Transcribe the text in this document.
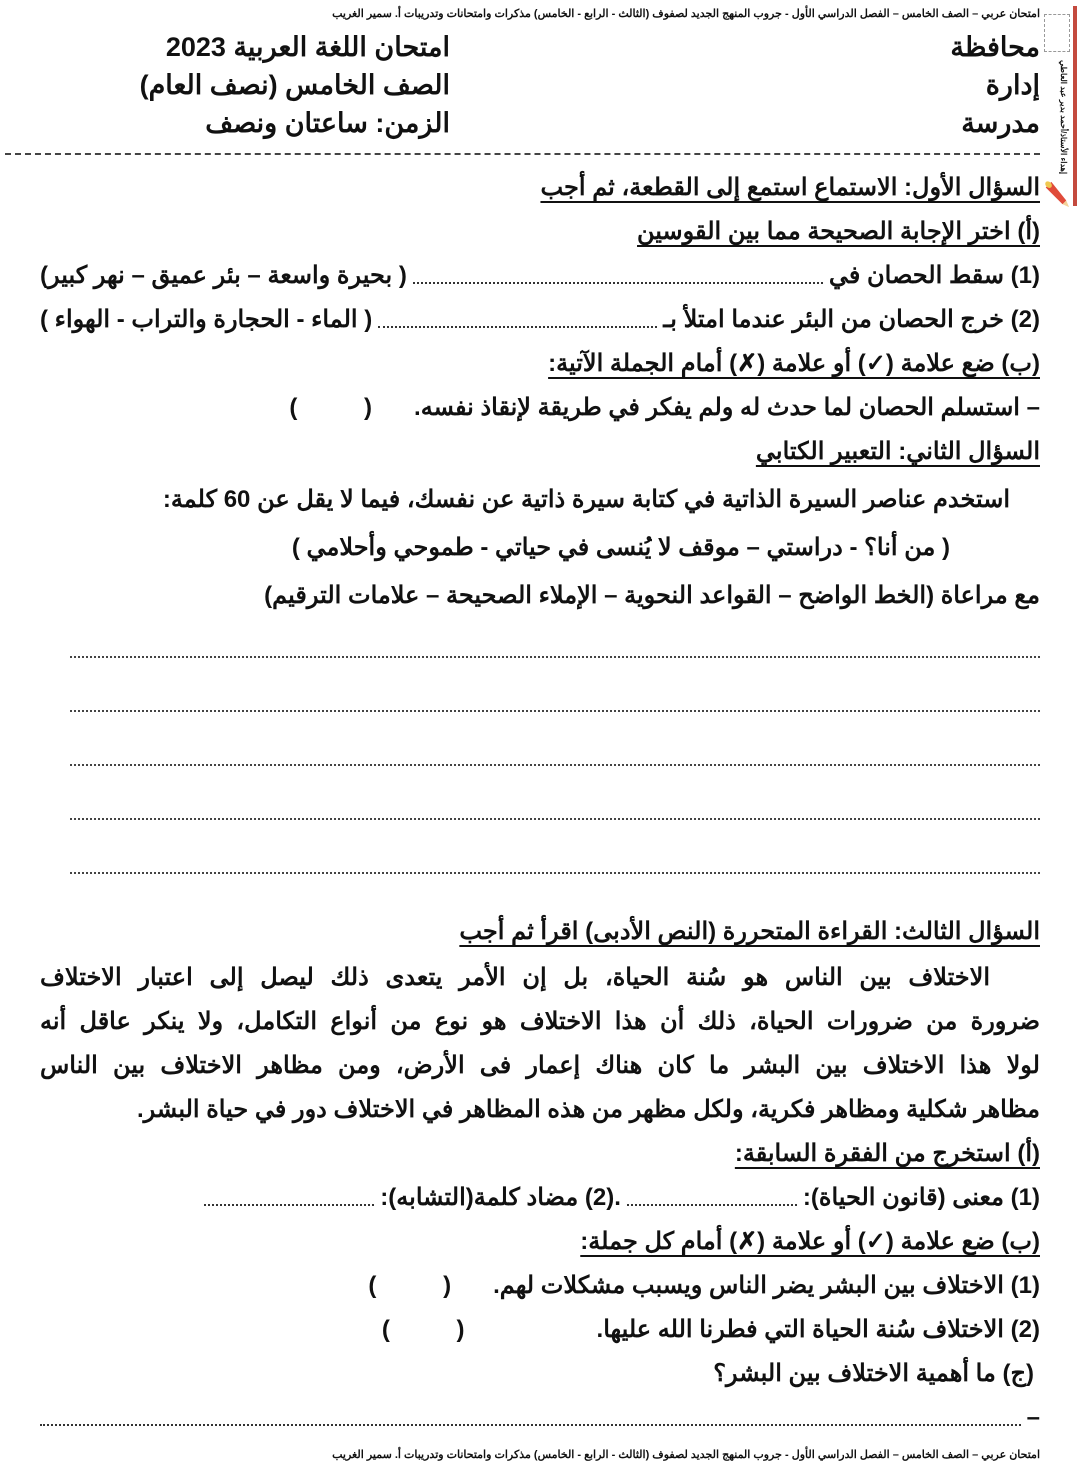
امتحان عربي – الصف الخامس – الفصل الدراسي الأول - جروب المنهج الجديد لصفوف (الثالث - الرابع - الخامس) مذكرات وامتحانات وتدريبات أ. سمير الغريب
إهداء الأستاذ/أحمد بدير عبد العاطي
محافظة
إدارة
مدرسة
امتحان اللغة العربية 2023
الصف الخامس (نصف العام)
الزمن: ساعتان ونصف
السؤال الأول: الاستماع استمع إلى القطعة، ثم أجب
(أ) اختر الإجابة الصحيحة مما بين القوسين
(1) سقط الحصان في
( بحيرة واسعة – بئر عميق – نهر كبير)
(2) خرج الحصان من البئر عندما امتلأ بـ
( الماء - الحجارة والتراب - الهواء )
(ب) ضع علامة (✓) أو علامة (✗) أمام الجملة الآتية:
– استسلم الحصان لما حدث له ولم يفكر في طريقة لإنقاذ نفسه.
(          )
السؤال الثاني: التعبير الكتابي
استخدم عناصر السيرة الذاتية في كتابة سيرة ذاتية عن نفسك، فيما لا يقل عن 60 كلمة:
( من أنا؟ - دراستي – موقف لا يُنسى في حياتي - طموحي وأحلامي )
مع مراعاة (الخط الواضح – القواعد النحوية – الإملاء الصحيحة – علامات الترقيم)
السؤال الثالث: القراءة المتحررة (النص الأدبى) اقرأ ثم أجب
الاختلاف بين الناس هو سُنة الحياة، بل إن الأمر يتعدى ذلك ليصل إلى اعتبار الاختلاف
ضرورة من ضرورات الحياة، ذلك أن هذا الاختلاف هو نوع من أنواع التكامل، ولا ينكر عاقل أنه
لولا هذا الاختلاف بين البشر ما كان هناك إعمار فى الأرض، ومن مظاهر الاختلاف بين الناس
مظاهر شكلية ومظاهر فكرية، ولكل مظهر من هذه المظاهر في الاختلاف دور في حياة البشر.
(أ) استخرج من الفقرة السابقة:
(1) معنى (قانون الحياة):
.(2) مضاد كلمة(التشابه):
(ب) ضع علامة (✓) أو علامة (✗) أمام كل جملة:
(1) الاختلاف بين البشر يضر الناس ويسبب مشكلات لهم.
(          )
(2) الاختلاف سُنة الحياة التي فطرنا الله عليها.
(          )
(ج) ما أهمية الاختلاف بين البشر؟
–
امتحان عربي – الصف الخامس – الفصل الدراسي الأول - جروب المنهج الجديد لصفوف (الثالث - الرابع - الخامس) مذكرات وامتحانات وتدريبات أ. سمير الغريب
